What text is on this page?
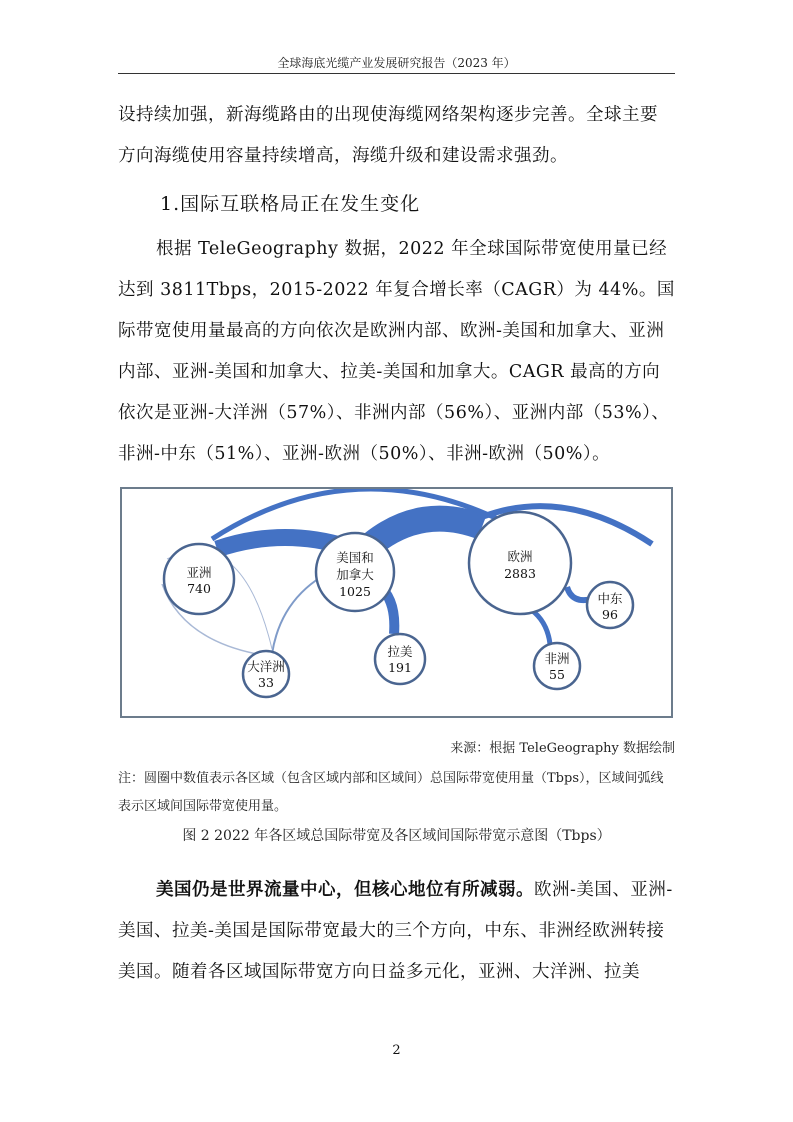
全球海底光缆产业发展研究报告（2023 年）
设持续加强，新海缆路由的出现使海缆网络架构逐步完善。全球主要方向海缆使用容量持续增高，海缆升级和建设需求强劲。
1.国际互联格局正在发生变化
根据 TeleGeography 数据，2022 年全球国际带宽使用量已经达到 3811Tbps，2015-2022 年复合增长率（CAGR）为 44%。国际带宽使用量最高的方向依次是欧洲内部、欧洲-美国和加拿大、亚洲内部、亚洲-美国和加拿大、拉美-美国和加拿大。CAGR 最高的方向依次是亚洲-大洋洲（57%）、非洲内部（56%）、亚洲内部（53%）、非洲-中东（51%）、亚洲-欧洲（50%）、非洲-欧洲（50%）。
亚洲
740
美国和
加拿大
1025
欧洲
2883
中东
96
大洋洲
33
拉美
191
非洲
55
来源：根据 TeleGeography 数据绘制
注：圆圈中数值表示各区域（包含区域内部和区域间）总国际带宽使用量（Tbps），区域间弧线表示区域间国际带宽使用量。
图 2 2022 年各区域总国际带宽及各区域间国际带宽示意图（Tbps）
美国仍是世界流量中心，但核心地位有所减弱。欧洲-美国、亚洲-美国、拉美-美国是国际带宽最大的三个方向，中东、非洲经欧洲转接美国。随着各区域国际带宽方向日益多元化，亚洲、大洋洲、拉美
2
